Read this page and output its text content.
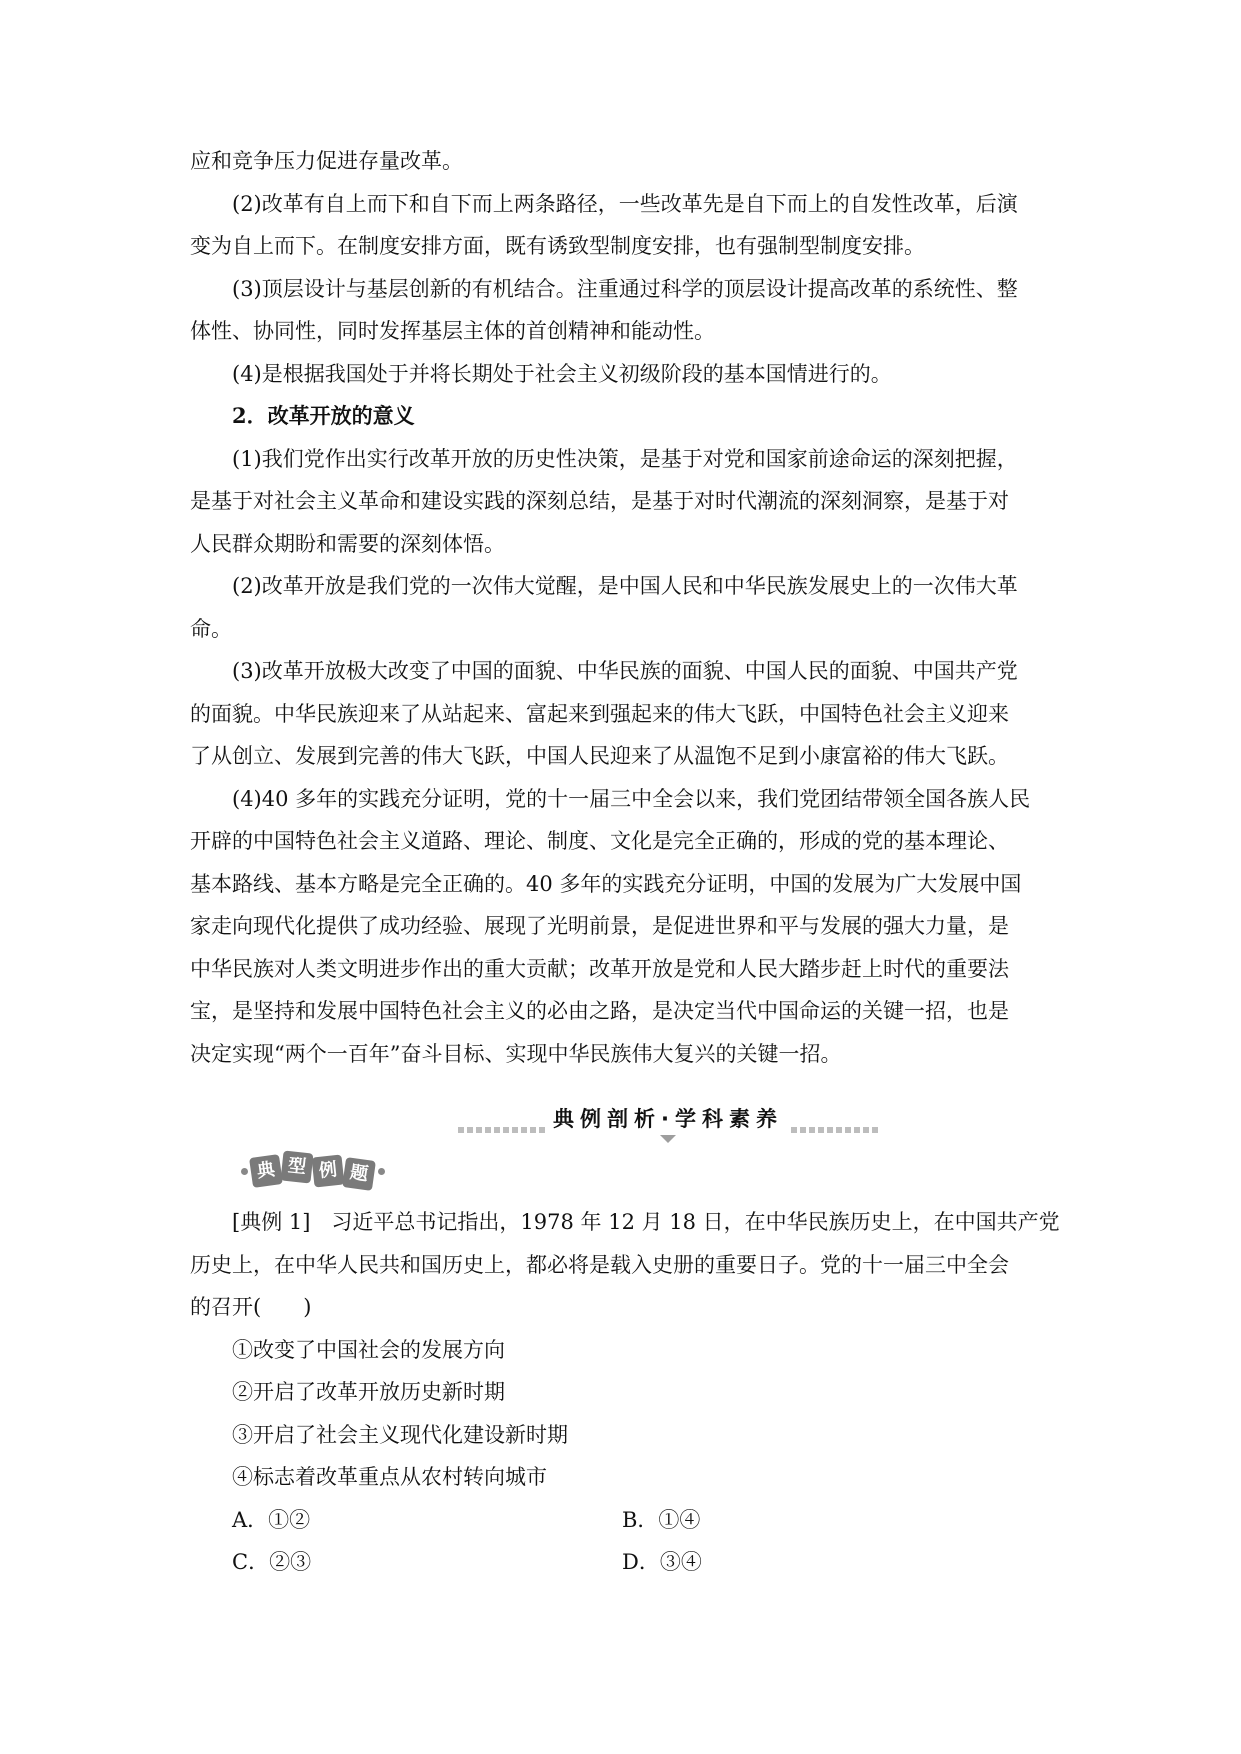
应和竞争压力促进存量改革。

(2)改革有自上而下和自下而上两条路径，一些改革先是自下而上的自发性改革，后演

变为自上而下。在制度安排方面，既有诱致型制度安排，也有强制型制度安排。

(3)顶层设计与基层创新的有机结合。注重通过科学的顶层设计提高改革的系统性、整

体性、协同性，同时发挥基层主体的首创精神和能动性。

(4)是根据我国处于并将长期处于社会主义初级阶段的基本国情进行的。

2．改革开放的意义

(1)我们党作出实行改革开放的历史性决策，是基于对党和国家前途命运的深刻把握，

是基于对社会主义革命和建设实践的深刻总结，是基于对时代潮流的深刻洞察，是基于对

人民群众期盼和需要的深刻体悟。

(2)改革开放是我们党的一次伟大觉醒，是中国人民和中华民族发展史上的一次伟大革

命。

(3)改革开放极大改变了中国的面貌、中华民族的面貌、中国人民的面貌、中国共产党

的面貌。中华民族迎来了从站起来、富起来到强起来的伟大飞跃，中国特色社会主义迎来

了从创立、发展到完善的伟大飞跃，中国人民迎来了从温饱不足到小康富裕的伟大飞跃。

(4)40 多年的实践充分证明，党的十一届三中全会以来，我们党团结带领全国各族人民

开辟的中国特色社会主义道路、理论、制度、文化是完全正确的，形成的党的基本理论、

基本路线、基本方略是完全正确的。40 多年的实践充分证明，中国的发展为广大发展中国

家走向现代化提供了成功经验、展现了光明前景，是促进世界和平与发展的强大力量，是

中华民族对人类文明进步作出的重大贡献；改革开放是党和人民大踏步赶上时代的重要法

宝，是坚持和发展中国特色社会主义的必由之路，是决定当代中国命运的关键一招，也是

决定实现“两个一百年”奋斗目标、实现中华民族伟大复兴的关键一招。

典例剖析·学科素养
典 型 例 题

[典例 1]　习近平总书记指出，1978 年 12 月 18 日，在中华民族历史上，在中国共产党

历史上，在中华人民共和国历史上，都必将是载入史册的重要日子。党的十一届三中全会

的召开(　　)

①改变了中国社会的发展方向

②开启了改革开放历史新时期

③开启了社会主义现代化建设新时期

④标志着改革重点从农村转向城市

A．①②	B．①④
C．②③	D．③④
